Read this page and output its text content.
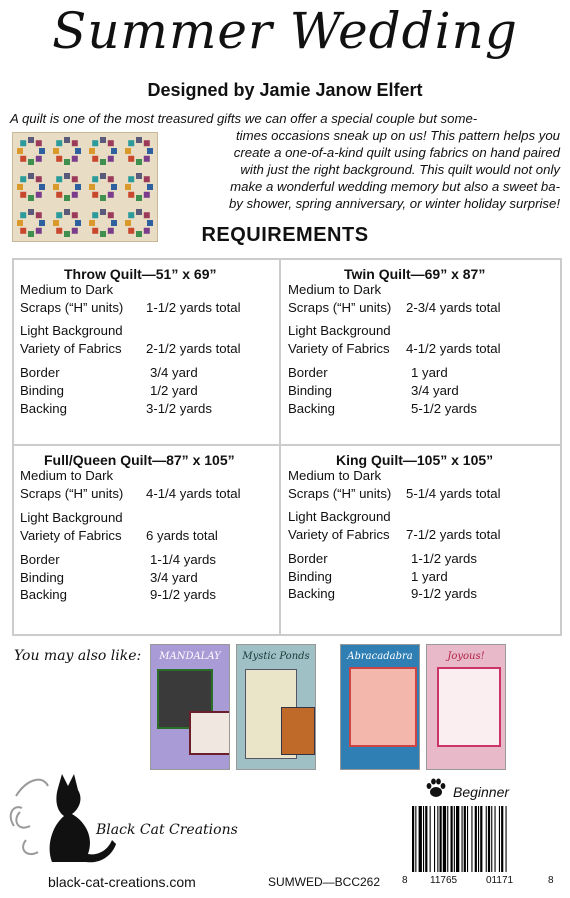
Summer Wedding
Designed by Jamie Janow Elfert

A quilt is one of the most treasured gifts we can offer a special couple but some-

times occasions sneak up on us! This pattern helps you

create a one-of-a-kind quilt using fabrics on hand paired

with just the right background. This quilt would not only

make a wonderful wedding memory but also a sweet ba-

by shower, spring anniversary, or winter holiday surprise!

REQUIREMENTS
Throw Quilt—51” x 69”
Medium to Dark
Scraps (“H” units) 1-1/2 yards total
Light Background
Variety of Fabrics 2-1/2 yards total
Border	3/4 yard
Binding	1/2 yard
Backing	3-1/2 yards
Twin Quilt—69” x 87”
Medium to Dark
Scraps (“H” units) 2-3/4 yards total
Light Background
Variety of Fabrics 4-1/2 yards total
Border	1 yard
Binding	3/4 yard
Backing	5-1/2 yards
Full/Queen Quilt—87” x 105”
Medium to Dark
Scraps (“H” units) 4-1/4 yards total
Light Background
Variety of Fabrics 6 yards total
Border	1-1/4 yards
Binding	3/4 yard
Backing	9-1/2 yards
King Quilt—105” x 105”
Medium to Dark
Scraps (“H” units) 5-1/4 yards total
Light Background
Variety of Fabrics 7-1/2 yards total
Border	1-1/2 yards
Binding	1 yard
Backing	9-1/2 yards
You may also like:	MANDALAY	Mystic Ponds	Abracadabra	Joyous!
Black Cat Creations
black-cat-creations.com	SUMWED—BCC262
Beginner
8 11765	01171	8
